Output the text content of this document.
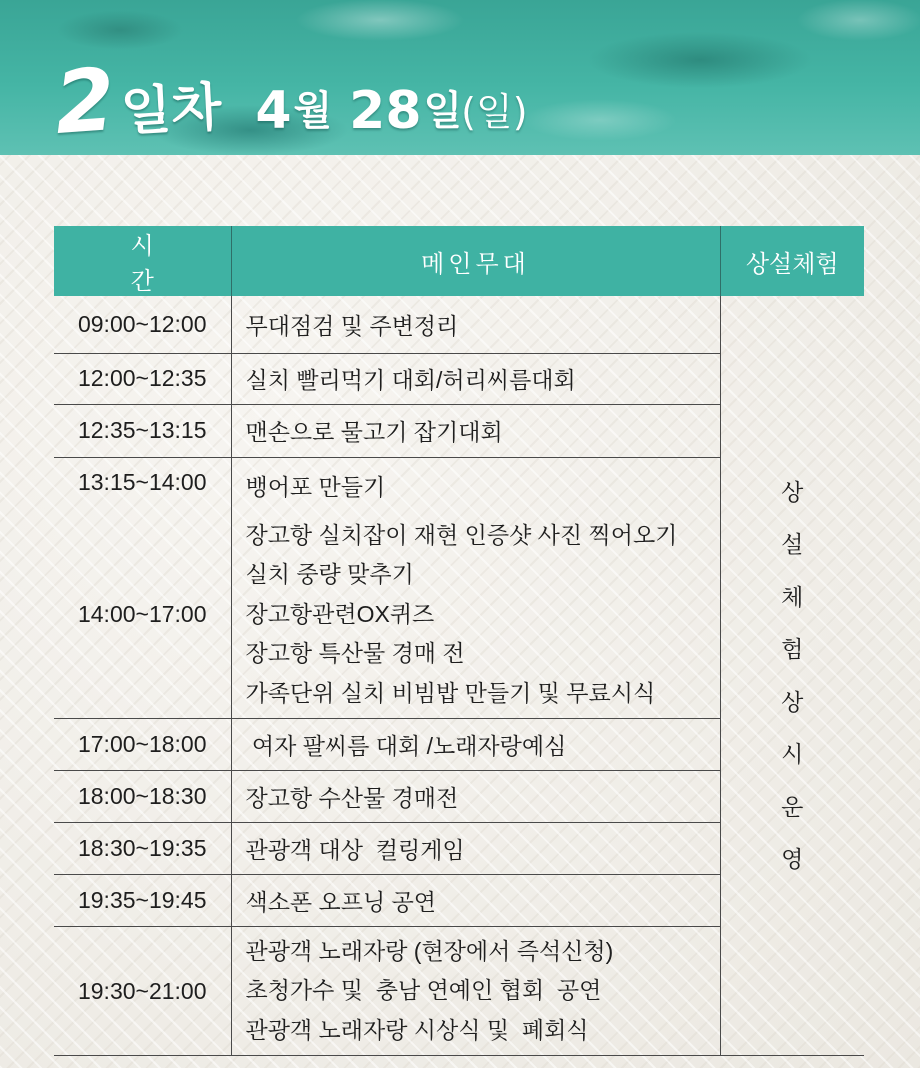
2 일차 4 월 28 일 (일)
시 간	메인무대	상설체험
09:00~12:00	무대점검 및 주변정리	상설체험상시운영
12:00~12:35	실치 빨리먹기 대회/허리씨름대회	

12:35~13:15	맨손으로 물고기 잡기대회	

13:15~14:00	뱅어포 만들기	

14:00~17:00	장고항 실치잡이 재현 인증샷 사진 찍어오기
실치 중량 맞추기
장고항관련OX퀴즈
장고항 특산물 경매 전
가족단위 실치 비빔밥 만들기 및 무료시식	

17:00~18:00	여자 팔씨름 대회 /노래자랑예심	

18:00~18:30	장고항 수산물 경매전	

18:30~19:35	관광객 대상  컬링게임	

19:35~19:45	색소폰 오프닝 공연	

19:30~21:00	관광객 노래자랑 (현장에서 즉석신청)
초청가수 및  충남 연예인 협회  공연
관광객 노래자랑 시상식 및  폐회식	
